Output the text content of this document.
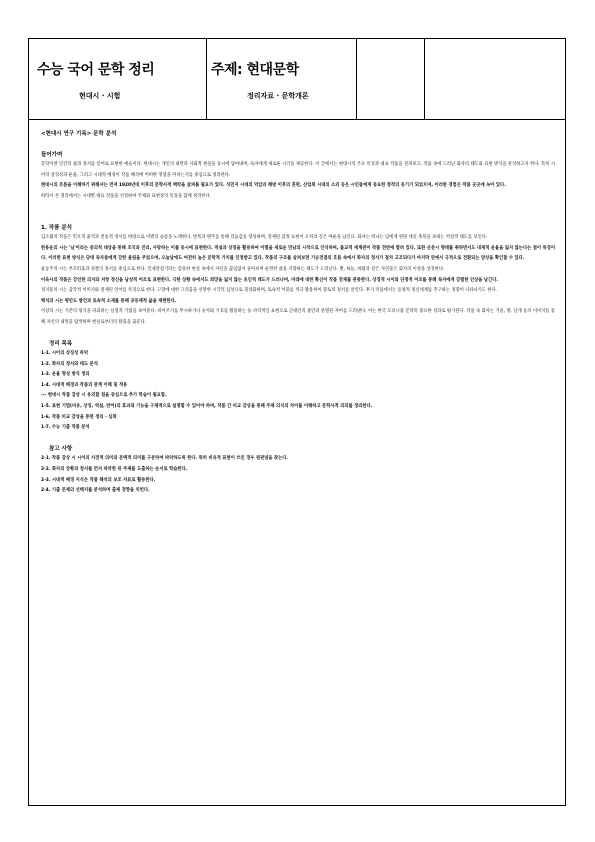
수능 국어 문학 정리
현대시 · 시험
주제: 현대문학
정리자료 · 문학개론

<현대시 연구 기록> 문학 분석

들어가며

문학이란 인간의 삶과 정서를 언어로 표현한 예술이다. 현대시는 개인의 내면과 사회적 현실을 동시에 담아내며, 독자에게 새로운 시각을 제공한다. 이 글에서는 현대시의 주요 특징과 대표 작품을 살펴보고, 작품 속에 드러난 화자의 태도와 표현 방식을 분석하고자 한다. 특히 시어의 상징성과 운율, 그리고 시대적 배경이 작품 해석에 어떠한 영향을 미치는지를 중심으로 정리한다.

현대시의 흐름을 이해하기 위해서는 먼저 1920년대 이후의 문학사적 맥락을 살펴볼 필요가 있다. 식민지 시대의 억압과 해방 이후의 혼란, 산업화 시대의 소외 등은 시인들에게 중요한 창작의 동기가 되었으며, 이러한 경험은 작품 곳곳에 녹아 있다.

따라서 본 정리에서는 시대별 대표 작품을 선정하여 주제와 표현상의 특징을 함께 정리한다.

1. 작품 분석

김소월의 작품은 민요적 율격과 전통적 정서를 바탕으로 이별의 슬픔을 노래한다. 반복과 변주를 통해 리듬감을 형성하며, 절제된 감정 표현이 오히려 깊은 여운을 남긴다. 화자는 떠나는 임에게 원망 대신 축복을 보내는 역설적 태도를 보인다.

한용운의 시는 '님'이라는 중의적 대상을 통해 조국과 진리, 사랑하는 이를 동시에 표현한다. 역설과 상징을 활용하여 이별을 새로운 만남의 시작으로 인식하며, 불교적 세계관이 작품 전반에 깔려 있다. 또한 산문시 형태를 취하면서도 내재적 운율을 잃지 않는다는 점이 특징이다. 이러한 표현 방식은 당대 독자들에게 강한 울림을 주었으며, 오늘날에도 여전히 높은 문학적 가치를 인정받고 있다. 작품의 구조를 살펴보면 기승전결의 흐름 속에서 화자의 정서가 점차 고조되다가 마지막 연에서 극적으로 전환되는 양상을 확인할 수 있다.

윤동주의 시는 부끄러움과 성찰의 정서를 중심으로 한다. 일제강점기라는 암울한 현실 속에서 자신을 끊임없이 돌아보며 순결한 삶을 지향하는 태도가 드러난다. 별, 하늘, 바람과 같은 자연물은 화자의 이상을 상징한다.

이육사의 작품은 강인한 의지와 저항 정신을 남성적 어조로 표현한다. 극한 상황 속에서도 희망을 잃지 않는 초인적 태도가 드러나며, 미래에 대한 확신이 작품 전체를 관통한다. 상징적 시어와 단정적 어조를 통해 독자에게 강렬한 인상을 남긴다.

정지용의 시는 감각적 이미지와 절제된 언어를 특징으로 한다. 고향에 대한 그리움을 선명한 시각적 심상으로 형상화하며, 토속적 어휘를 적극 활용하여 향토적 정서를 살린다. 후기 작품에서는 동양적 정신세계를 추구하는 경향이 나타나기도 한다.

백석의 시는 평안도 방언과 토속적 소재를 통해 공동체적 삶을 재현한다.

이상의 시는 기존의 형식을 파괴하는 실험적 기법을 보여준다. 띄어쓰기를 무시하거나 숫자와 기호를 활용하는 등 파격적인 표현으로 근대인의 불안과 분열된 자아를 드러낸다. 이는 한국 모더니즘 문학의 중요한 성과로 평가된다. 작품 속 화자는 거울, 방, 날개 등의 이미지를 통해 자신의 내면을 탐색하며 현실로부터의 탈출을 꿈꾼다.

정리 목록

1-1. 시어의 상징성 파악

1-2. 화자의 정서와 태도 분석

1-3. 운율 형성 방식 정리

1-4. 시대적 배경과 작품의 관계 이해 및 적용

--- 현대시 작품 감상 시 유의할 점을 중심으로 추가 학습이 필요함.

1-5. 표현 기법(비유, 상징, 역설, 반어)의 효과와 기능을 구체적으로 설명할 수 있어야 하며, 작품 간 비교 감상을 통해 주제 의식의 차이를 이해하고 문학사적 의의를 정리한다.

1-6. 작품 비교 감상을 통한 정리 - 심화

1-7. 수능 기출 작품 분석

참고 사항

2-1. 작품 감상 시 시어의 사전적 의미와 문맥적 의미를 구분하여 파악하도록 한다. 특히 비유적 표현이 쓰인 경우 원관념을 찾는다.

2-2. 화자의 상황과 정서를 먼저 파악한 뒤 주제를 도출하는 순서로 학습한다.

2-3. 시대적 배경 지식은 작품 해석의 보조 자료로 활용한다.

2-4. 기출 문제의 선택지를 분석하며 출제 경향을 익힌다.
